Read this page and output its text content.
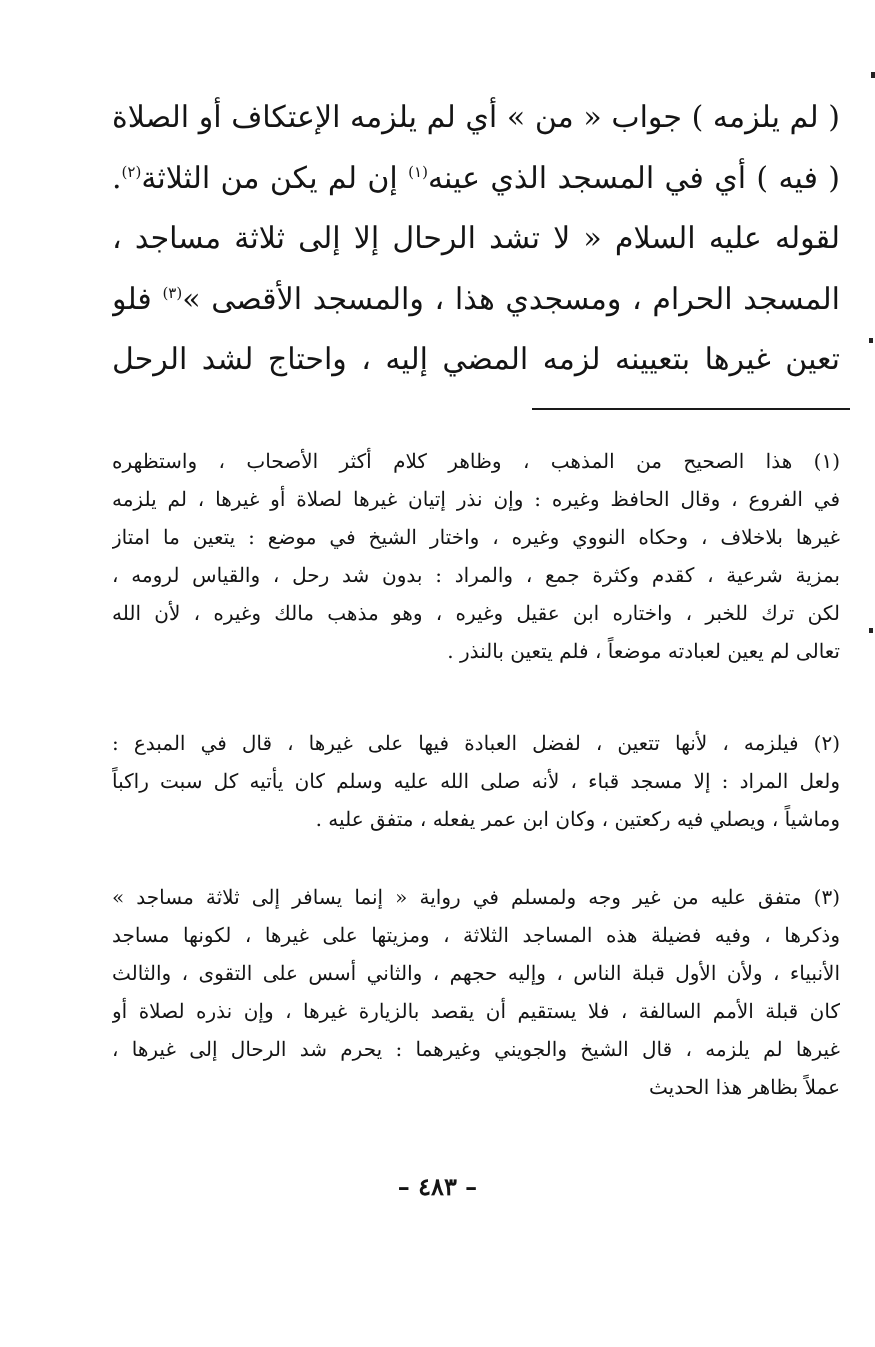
( لم يلزمه ) جواب « من » أي لم يلزمه الإعتكاف أو الصلاة
( فيه ) أي في المسجد الذي عينه$^{(١)}$ إن لم يكن من الثلاثة$^{(٢)}$.
لقوله عليه السلام « لا تشد الرحال إلا إلى ثلاثة مساجد ،
المسجد الحرام ، ومسجدي هذا ، والمسجد الأقصى »$^{(٣)}$ فلو
تعين غيرها بتعيينه لزمه المضي إليه ، واحتاج لشد الرحل
(١) هذا الصحيح من المذهب ، وظاهر كلام أكثر الأصحاب ، واستظهره
في الفروع ، وقال الحافظ وغيره : وإن نذر إتيان غيرها لصلاة أو غيرها ، لم يلزمه
غيرها بلاخلاف ، وحكاه النووي وغيره ، واختار الشيخ في موضع : يتعين ما امتاز
بمزية شرعية ، كقدم وكثرة جمع ، والمراد : بدون شد رحل ، والقياس لرومه ،
لكن ترك للخبر ، واختاره ابن عقيل وغيره ، وهو مذهب مالك وغيره ، لأن الله
تعالى لم يعين لعبادته موضعاً ، فلم يتعين بالنذر .
(٢) فيلزمه ، لأنها تتعين ، لفضل العبادة فيها على غيرها ، قال في المبدع :
ولعل المراد : إلا مسجد قباء ، لأنه صلى الله عليه وسلم كان يأتيه كل سبت راكباً
وماشياً ، ويصلي فيه ركعتين ، وكان ابن عمر يفعله ، متفق عليه .
(٣) متفق عليه من غير وجه ولمسلم في رواية « إنما يسافر إلى ثلاثة مساجد »
وذكرها ، وفيه فضيلة هذه المساجد الثلاثة ، ومزيتها على غيرها ، لكونها مساجد
الأنبياء ، ولأن الأول قبلة الناس ، وإليه حجهم ، والثاني أسس على التقوى ، والثالث
كان قبلة الأمم السالفة ، فلا يستقيم أن يقصد بالزيارة غيرها ، وإن نذره لصلاة أو
غيرها لم يلزمه ، قال الشيخ والجويني وغيرهما : يحرم شد الرحال إلى غيرها ،
عملاً بظاهر هذا الحديث
– ٤٨٣ –
